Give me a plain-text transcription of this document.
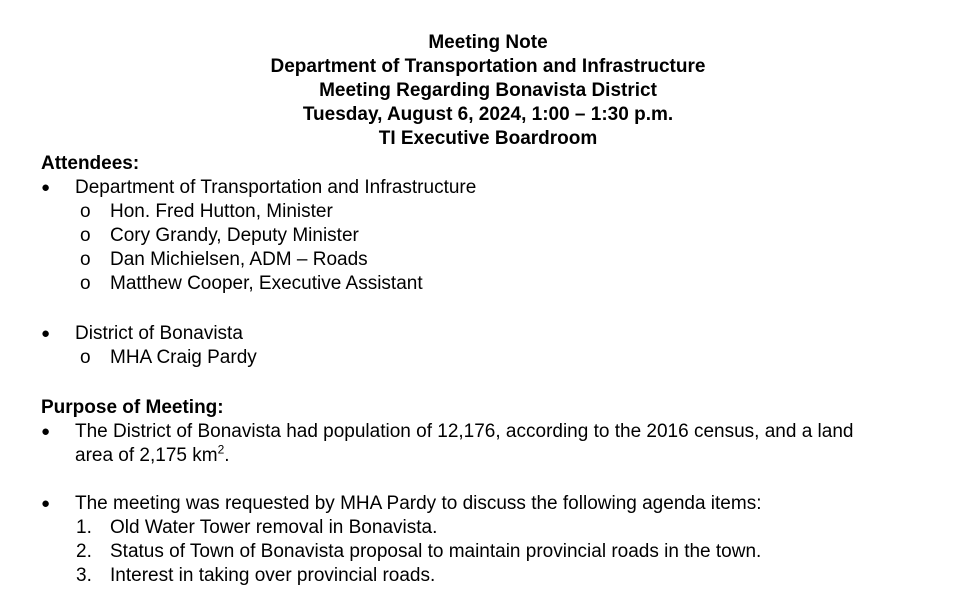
Meeting Note
Department of Transportation and Infrastructure
Meeting Regarding Bonavista District
Tuesday, August 6, 2024, 1:00 – 1:30 p.m.
TI Executive Boardroom
Attendees:
● Department of Transportation and Infrastructure
o Hon. Fred Hutton, Minister
o Cory Grandy, Deputy Minister
o Dan Michielsen, ADM – Roads
o Matthew Cooper, Executive Assistant
● District of Bonavista
o MHA Craig Pardy
Purpose of Meeting:
● The District of Bonavista had population of 12,176, according to the 2016 census, and a land
area of 2,175 $km^2$.
● The meeting was requested by MHA Pardy to discuss the following agenda items:
1. Old Water Tower removal in Bonavista.
2. Status of Town of Bonavista proposal to maintain provincial roads in the town.
3. Interest in taking over provincial roads.
